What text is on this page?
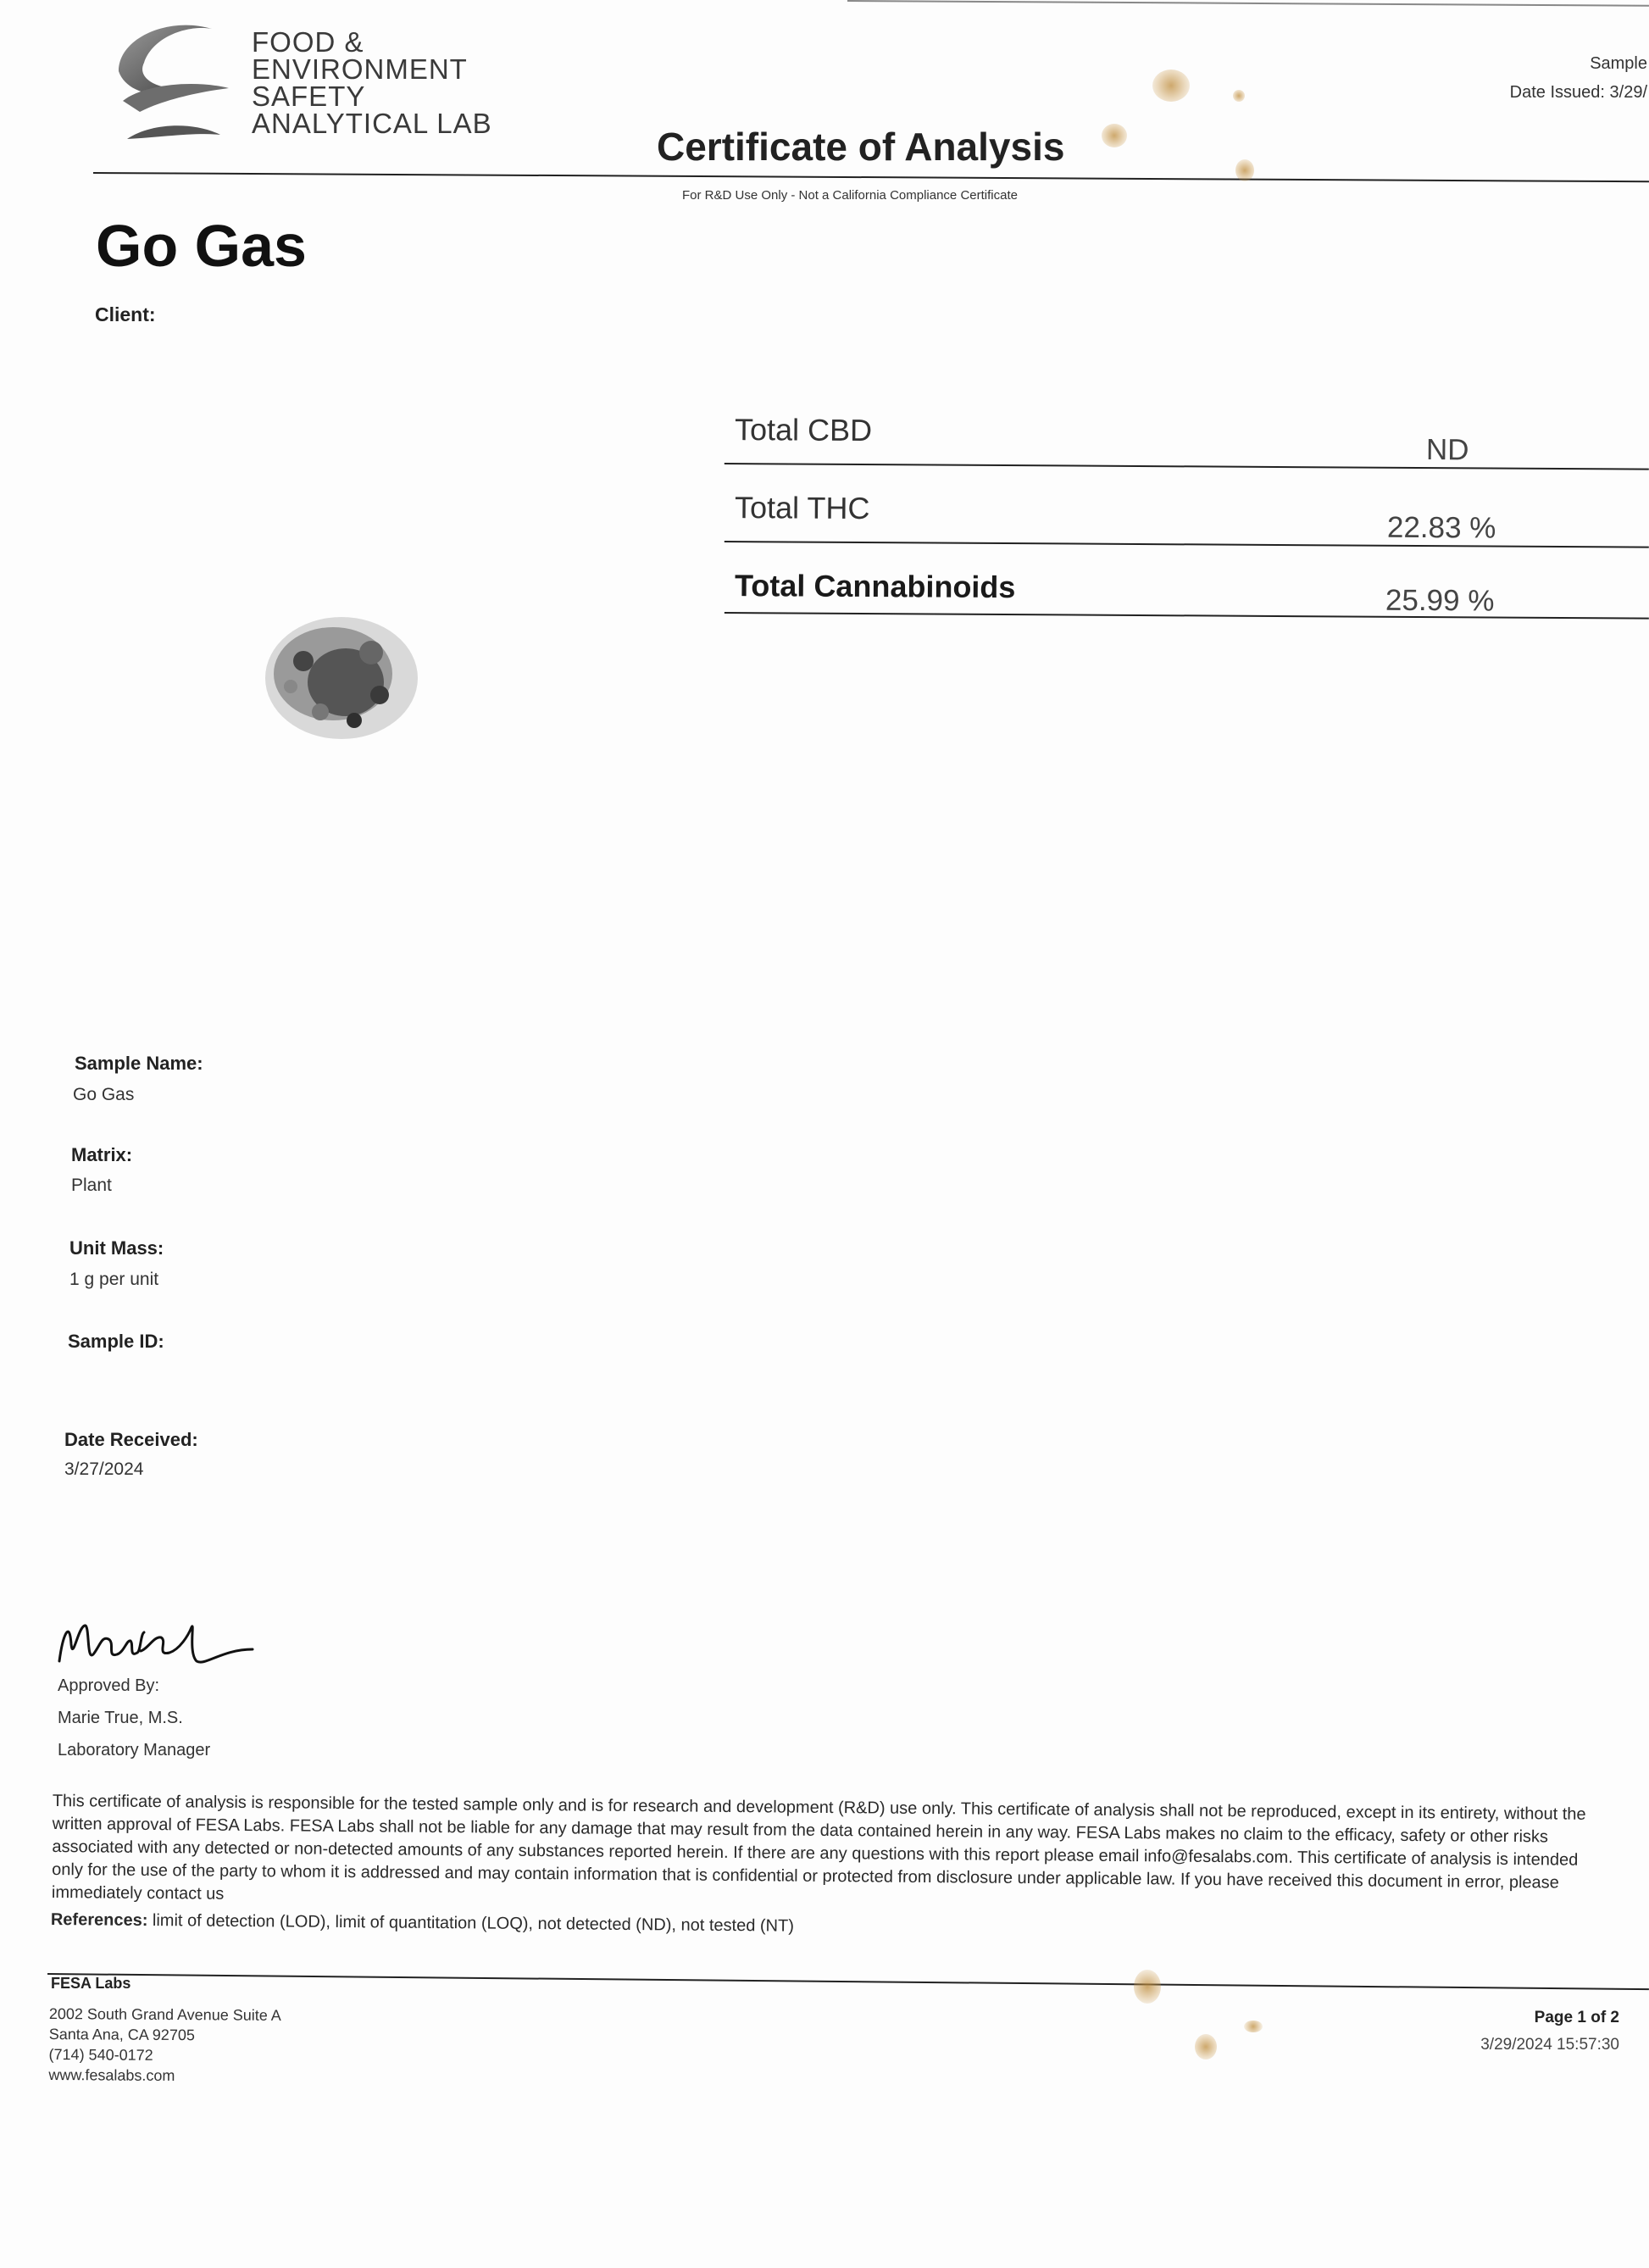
FOOD &
ENVIRONMENT
SAFETY
ANALYTICAL LAB
Certificate of Analysis
For R&D Use Only - Not a California Compliance Certificate
Sample
Date Issued: 3/29/
Go Gas
Client:
Total CBD
ND
Total THC
22.83 %
Total Cannabinoids	25.99 %
Sample Name:
Go Gas
Matrix:
Plant
Unit Mass:
1 g per unit
Sample ID:
Date Received:
3/27/2024
Approved By:
Marie True, M.S.
Laboratory Manager
This certificate of analysis is responsible for the tested sample only and is for research and development (R&D) use only. This certificate of analysis shall not be reproduced, except in its entirety, without the written approval of FESA Labs. FESA Labs shall not be liable for any damage that may result from the data contained herein in any way. FESA Labs makes no claim to the efficacy, safety or other risks associated with any detected or non-detected amounts of any substances reported herein. If there are any questions with this report please email info@fesalabs.com. This certificate of analysis is intended only for the use of the party to whom it is addressed and may contain information that is confidential or protected from disclosure under applicable law. If you have received this document in error, please immediately contact us
References: limit of detection (LOD), limit of quantitation (LOQ), not detected (ND), not tested (NT)
FESA Labs
2002 South Grand Avenue Suite A
Santa Ana, CA 92705
(714) 540-0172
www.fesalabs.com
Page 1 of 2
3/29/2024 15:57:30
